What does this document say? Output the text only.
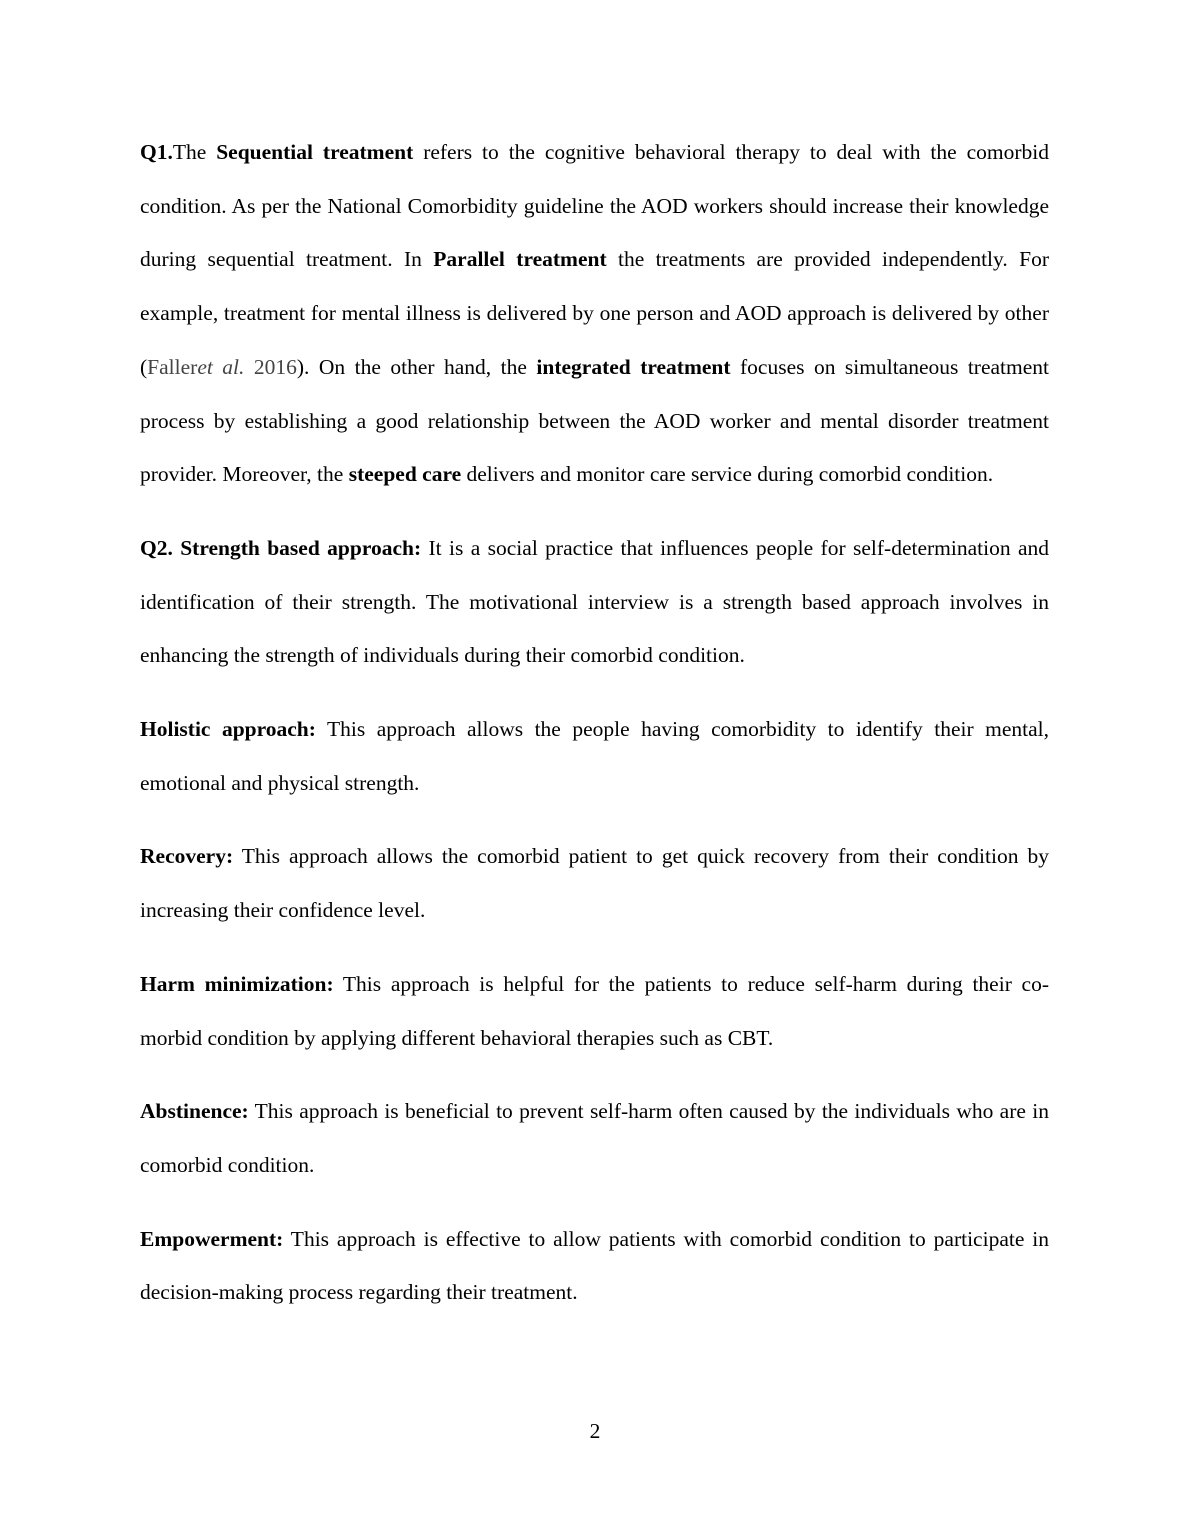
Q1.The Sequential treatment refers to the cognitive behavioral therapy to deal with the comorbid condition. As per the National Comorbidity guideline the AOD workers should increase their knowledge during sequential treatment. In Parallel treatment the treatments are provided independently. For example, treatment for mental illness is delivered by one person and AOD approach is delivered by other (Falleret al. 2016). On the other hand, the integrated treatment focuses on simultaneous treatment process by establishing a good relationship between the AOD worker and mental disorder treatment provider. Moreover, the steeped care delivers and monitor care service during comorbid condition.

Q2. Strength based approach: It is a social practice that influences people for self-determination and identification of their strength. The motivational interview is a strength based approach involves in enhancing the strength of individuals during their comorbid condition.

Holistic approach: This approach allows the people having comorbidity to identify their mental, emotional and physical strength.

Recovery: This approach allows the comorbid patient to get quick recovery from their condition by increasing their confidence level.

Harm minimization: This approach is helpful for the patients to reduce self-harm during their co-morbid condition by applying different behavioral therapies such as CBT.

Abstinence: This approach is beneficial to prevent self-harm often caused by the individuals who are in comorbid condition.

Empowerment: This approach is effective to allow patients with comorbid condition to participate in decision-making process regarding their treatment.

2
